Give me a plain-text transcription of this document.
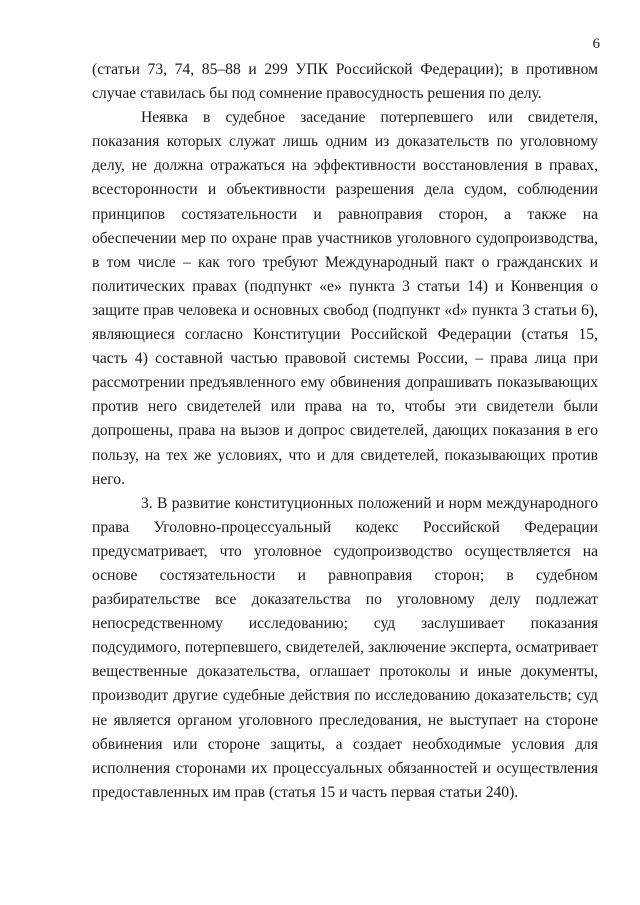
6

(статьи 73, 74, 85–88 и 299 УПК Российской Федерации); в противном случае ставилась бы под сомнение правосудность решения по делу.

Неявка в судебное заседание потерпевшего или свидетеля, показания которых служат лишь одним из доказательств по уголовному делу, не должна отражаться на эффективности восстановления в правах, всесторонности и объективности разрешения дела судом, соблюдении принципов состязательности и равноправия сторон, а также на обеспечении мер по охране прав участников уголовного судопроизводства, в том числе – как того требуют Международный пакт о гражданских и политических правах (подпункт «е» пункта 3 статьи 14) и Конвенция о защите прав человека и основных свобод (подпункт «d» пункта 3 статьи 6), являющиеся согласно Конституции Российской Федерации (статья 15, часть 4) составной частью правовой системы России, – права лица при рассмотрении предъявленного ему обвинения допрашивать показывающих против него свидетелей или права на то, чтобы эти свидетели были допрошены, права на вызов и допрос свидетелей, дающих показания в его пользу, на тех же условиях, что и для свидетелей, показывающих против него.

3. В развитие конституционных положений и норм международного права Уголовно-процессуальный кодекс Российской Федерации предусматривает, что уголовное судопроизводство осуществляется на основе состязательности и равноправия сторон; в судебном разбирательстве все доказательства по уголовному делу подлежат непосредственному исследованию; суд заслушивает показания подсудимого, потерпевшего, свидетелей, заключение эксперта, осматривает вещественные доказательства, оглашает протоколы и иные документы, производит другие судебные действия по исследованию доказательств; суд не является органом уголовного преследования, не выступает на стороне обвинения или стороне защиты, а создает необходимые условия для исполнения сторонами их процессуальных обязанностей и осуществления предоставленных им прав (статья 15 и часть первая статьи 240).
